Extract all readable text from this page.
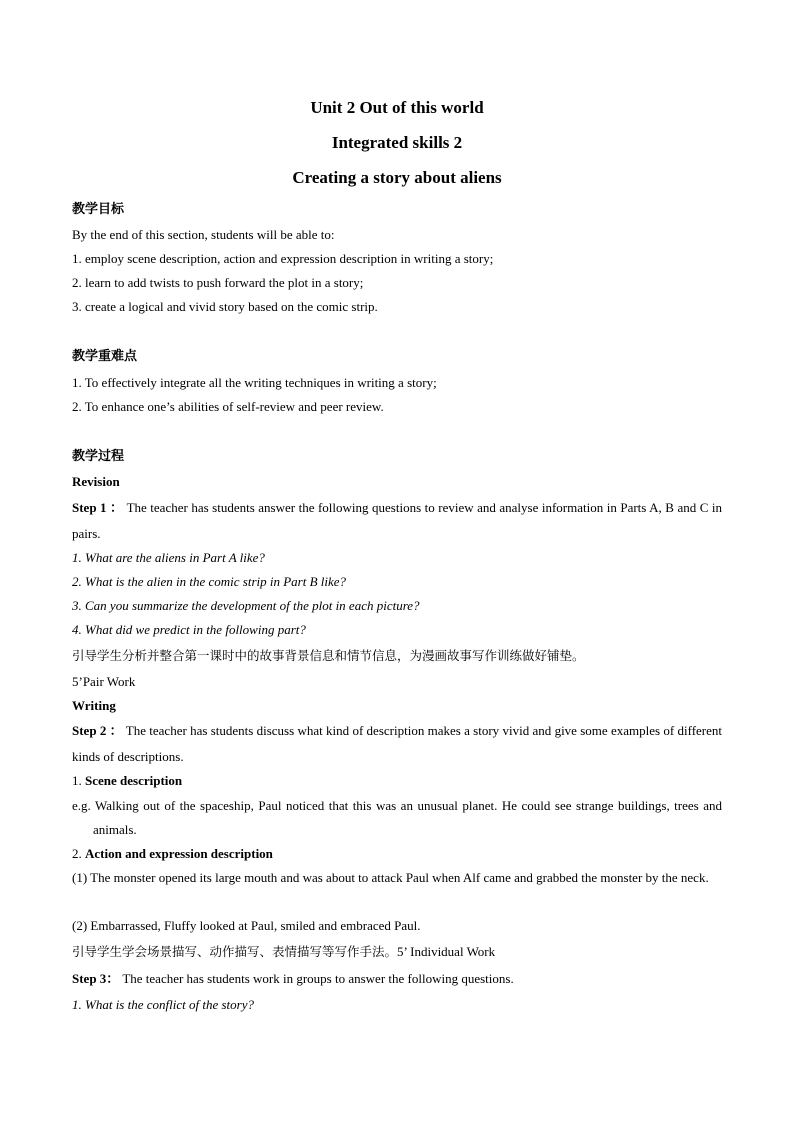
Unit 2 Out of this world
Integrated skills 2
Creating a story about aliens
教学目标
By the end of this section, students will be able to:
1. employ scene description, action and expression description in writing a story;
2. learn to add twists to push forward the plot in a story;
3. create a logical and vivid story based on the comic strip.
教学重难点
1. To effectively integrate all the writing techniques in writing a story;
2. To enhance one’s abilities of self-review and peer review.
教学过程
Revision
Step 1 ： The teacher has students answer the following questions to review and analyse information in Parts A, B and C in pairs.
1. What are the aliens in Part A like?
2. What is the alien in the comic strip in Part B like?
3. Can you summarize the development of the plot in each picture?
4. What did we predict in the following part?
引导学生分析并整合第一课时中的故事背景信息和情节信息，为漫画故事写作训练做好铺垫。
5’Pair Work
Writing
Step 2 ： The teacher has students discuss what kind of description makes a story vivid and give some examples of different kinds of descriptions.
1. Scene description
e.g. Walking out of the spaceship, Paul noticed that this was an unusual planet. He could see strange buildings, trees and animals.
2. Action and expression description
(1) The monster opened its large mouth and was about to attack Paul when Alf came and grabbed the monster by the neck.
(2) Embarrassed, Fluffy looked at Paul, smiled and embraced Paul.
引导学生学会场景描写、动作描写、表情描写等写作手法。5’ Individual Work
Step 3： The teacher has students work in groups to answer the following questions.
1. What is the conflict of the story?
